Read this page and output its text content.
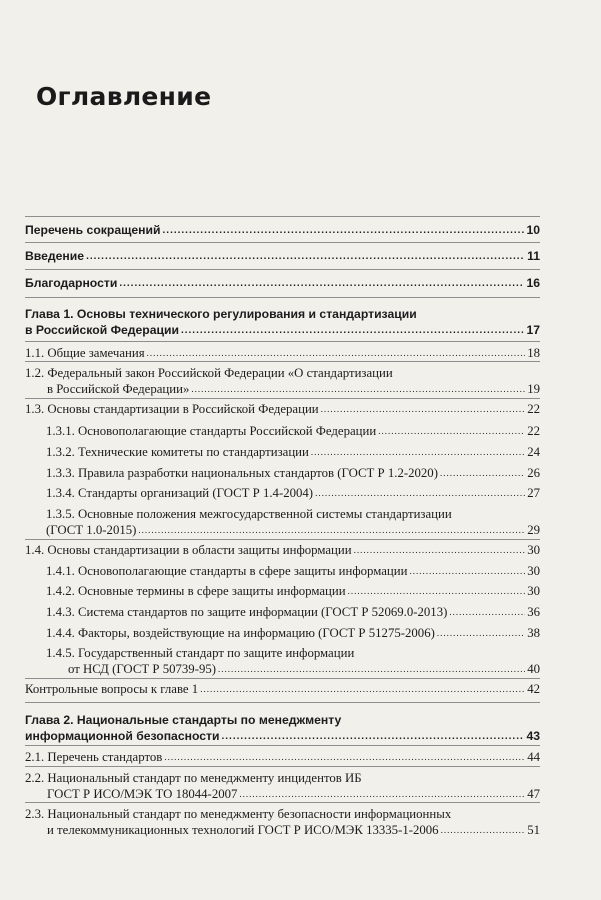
Оглавление
Перечень сокращений .....	10
Введение .....	11
Благодарности .....	16
Глава 1. Основы технического регулирования и стандартизации
в Российской Федерации .....	17
1.1. Общие замечания .....	18
1.2. Федеральный закон Российской Федерации «О стандартизации
в Российской Федерации» .....	19
1.3. Основы стандартизации в Российской Федерации .....	22
1.3.1. Основополагающие стандарты Российской Федерации .....	22
1.3.2. Технические комитеты по стандартизации .....	24
1.3.3. Правила разработки национальных стандартов (ГОСТ Р 1.2-2020) .....	26
1.3.4. Стандарты организаций (ГОСТ Р 1.4-2004) .....	27
1.3.5. Основные положения межгосударственной системы стандартизации
(ГОСТ 1.0-2015) .....	29
1.4. Основы стандартизации в области защиты информации .....	30
1.4.1. Основополагающие стандарты в сфере защиты информации .....	30
1.4.2. Основные термины в сфере защиты информации .....	30
1.4.3. Система стандартов по защите информации (ГОСТ Р 52069.0-2013) .....	36
1.4.4. Факторы, воздействующие на информацию (ГОСТ Р 51275-2006) .....	38
1.4.5. Государственный стандарт по защите информации
от НСД (ГОСТ Р 50739-95) .....	40
Контрольные вопросы к главе 1 .....	42
Глава 2. Национальные стандарты по менеджменту
информационной безопасности .....	43
2.1. Перечень стандартов .....	44
2.2. Национальный стандарт по менеджменту инцидентов ИБ
ГОСТ Р ИСО/МЭК ТО 18044-2007 .....	47
2.3. Национальный стандарт по менеджменту безопасности информационных
и телекоммуникационных технологий ГОСТ Р ИСО/МЭК 13335-1-2006 .....	51
